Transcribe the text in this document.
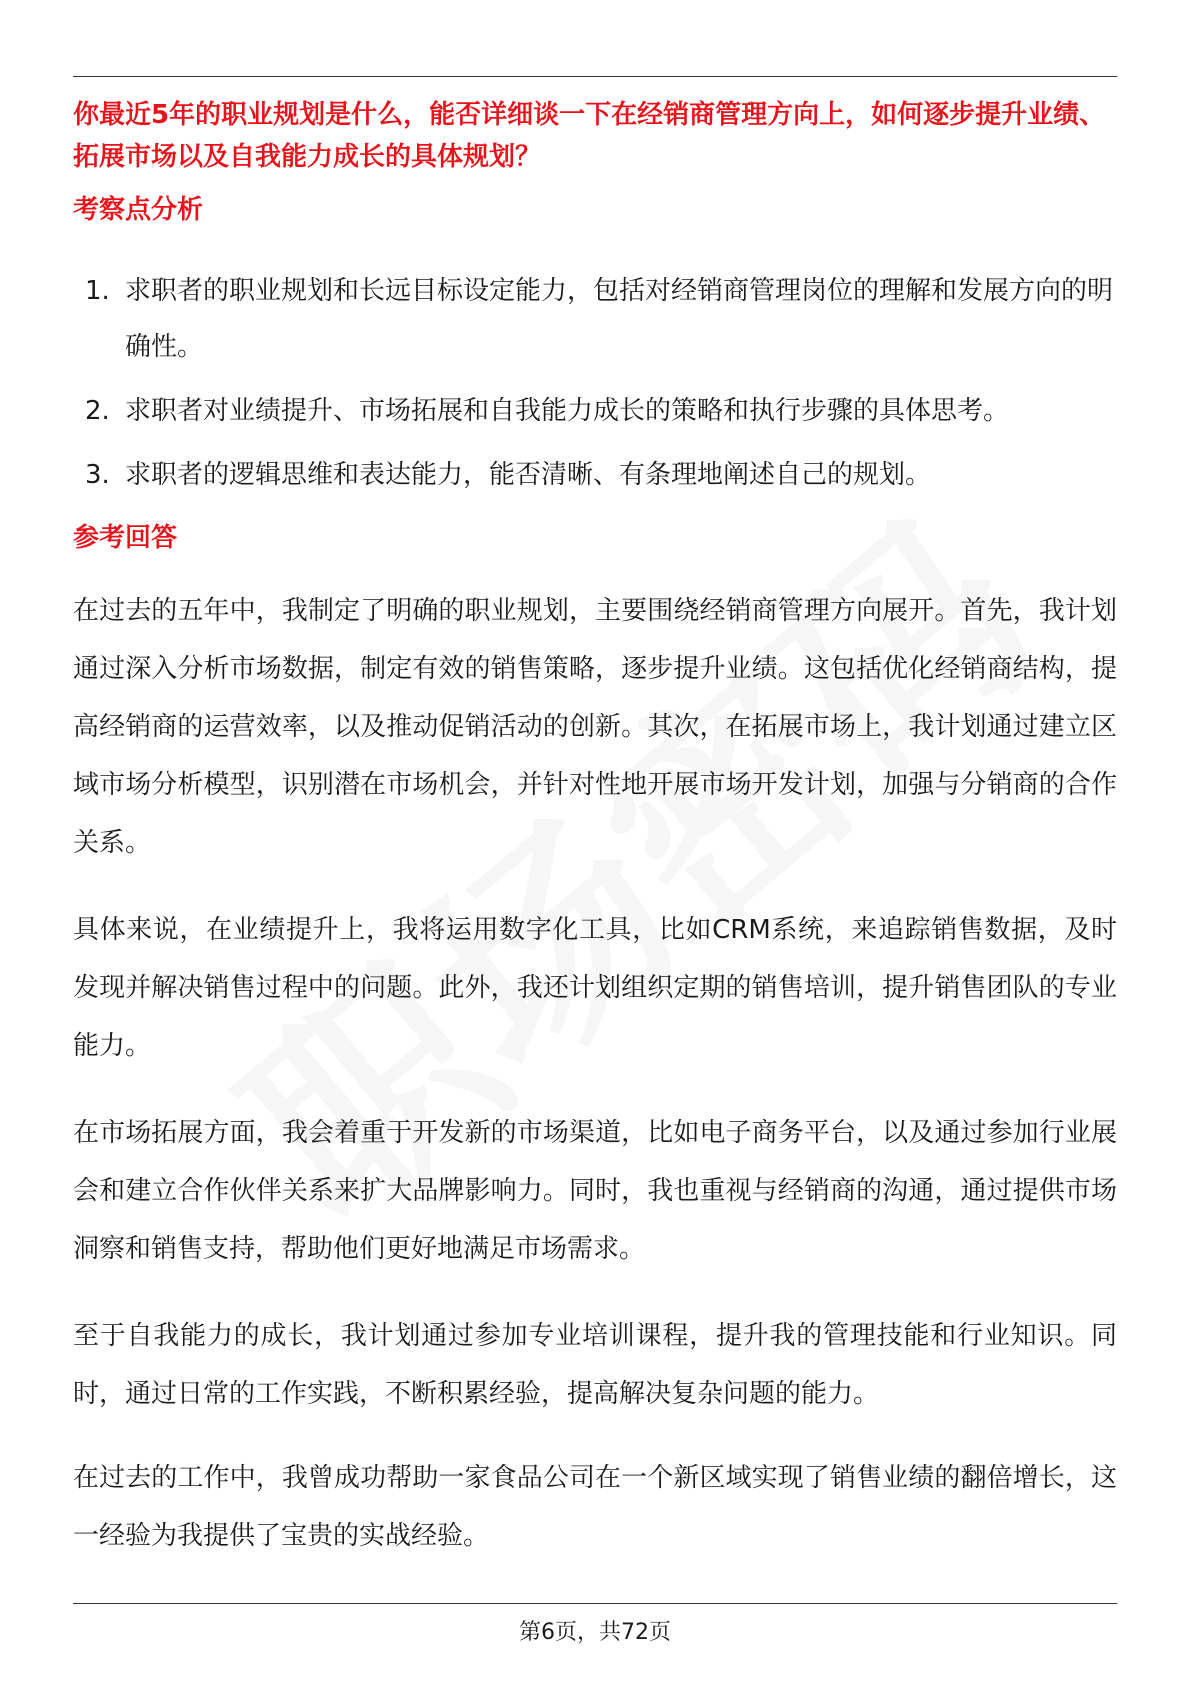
你最近5年的职业规划是什么，能否详细谈一下在经销商管理方向上，如何逐步提升业绩、拓展市场以及自我能力成长的具体规划？
考察点分析
1. 求职者的职业规划和长远目标设定能力，包括对经销商管理岗位的理解和发展方向的明确性。
2. 求职者对业绩提升、市场拓展和自我能力成长的策略和执行步骤的具体思考。
3. 求职者的逻辑思维和表达能力，能否清晰、有条理地阐述自己的规划。
参考回答

在过去的五年中，我制定了明确的职业规划，主要围绕经销商管理方向展开。首先，我计划通过深入分析市场数据，制定有效的销售策略，逐步提升业绩。这包括优化经销商结构，提高经销商的运营效率，以及推动促销活动的创新。其次，在拓展市场上，我计划通过建立区域市场分析模型，识别潜在市场机会，并针对性地开展市场开发计划，加强与分销商的合作关系。

具体来说，在业绩提升上，我将运用数字化工具，比如CRM系统，来追踪销售数据，及时发现并解决销售过程中的问题。此外，我还计划组织定期的销售培训，提升销售团队的专业能力。

在市场拓展方面，我会着重于开发新的市场渠道，比如电子商务平台，以及通过参加行业展会和建立合作伙伴关系来扩大品牌影响力。同时，我也重视与经销商的沟通，通过提供市场洞察和销售支持，帮助他们更好地满足市场需求。

至于自我能力的成长，我计划通过参加专业培训课程，提升我的管理技能和行业知识。同时，通过日常的工作实践，不断积累经验，提高解决复杂问题的能力。

在过去的工作中，我曾成功帮助一家食品公司在一个新区域实现了销售业绩的翻倍增长，这一经验为我提供了宝贵的实战经验。

第6页，共72页
